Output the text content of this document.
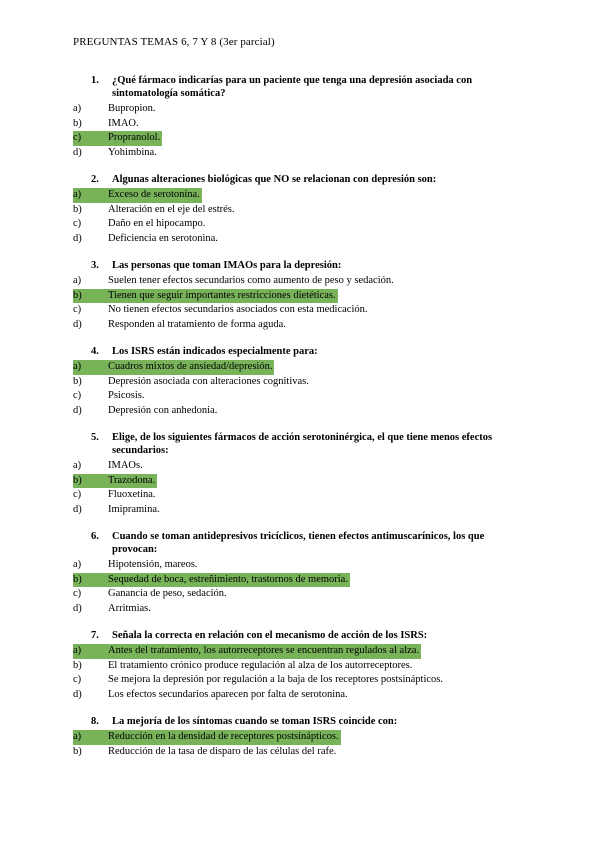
PREGUNTAS TEMAS 6, 7 Y 8 (3er parcial)
1. ¿Qué fármaco indicarías para un paciente que tenga una depresión asociada con sintomatología somática?
a)	Bupropion.
b)	IMAO.
c)	Propranolol.
d)	Yohimbina.
2. Algunas alteraciones biológicas que NO se relacionan con depresión son:
a)	Exceso de serotonina.
b)	Alteración en el eje del estrés.
c)	Daño en el hipocampo.
d)	Deficiencia en serotonina.
3. Las personas que toman IMAOs para la depresión:
a)	Suelen tener efectos secundarios como aumento de peso y sedación.
b)	Tienen que seguir importantes restricciones dietéticas.
c)	No tienen efectos secundarios asociados con esta medicación.
d)	Responden al tratamiento de forma aguda.
4. Los ISRS están indicados especialmente para:
a)	Cuadros mixtos de ansiedad/depresión.
b)	Depresión asociada con alteraciones cognitivas.
c)	Psicosis.
d)	Depresión con anhedonia.
5. Elige, de los siguientes fármacos de acción serotoninérgica, el que tiene menos efectos secundarios:
a)	IMAOs.
b)	Trazodona.
c)	Fluoxetina.
d)	Imipramina.
6. Cuando se toman antidepresivos tricíclicos, tienen efectos antimuscarínicos, los que provocan:
a)	Hipotensión, mareos.
b)	Sequedad de boca, estreñimiento, trastornos de memoria.
c)	Ganancia de peso, sedación.
d)	Arritmias.
7. Señala la correcta en relación con el mecanismo de acción de los ISRS:
a)	Antes del tratamiento, los autorreceptores se encuentran regulados al alza.
b)	El tratamiento crónico produce regulación al alza de los autorreceptores.
c)	Se mejora la depresión por regulación a la baja de los receptores postsinápticos.
d)	Los efectos secundarios aparecen por falta de serotonina.
8. La mejoría de los síntomas cuando se toman ISRS coincide con:
a)	Reducción en la densidad de receptores postsinápticos.
b)	Reducción de la tasa de disparo de las células del rafe.
